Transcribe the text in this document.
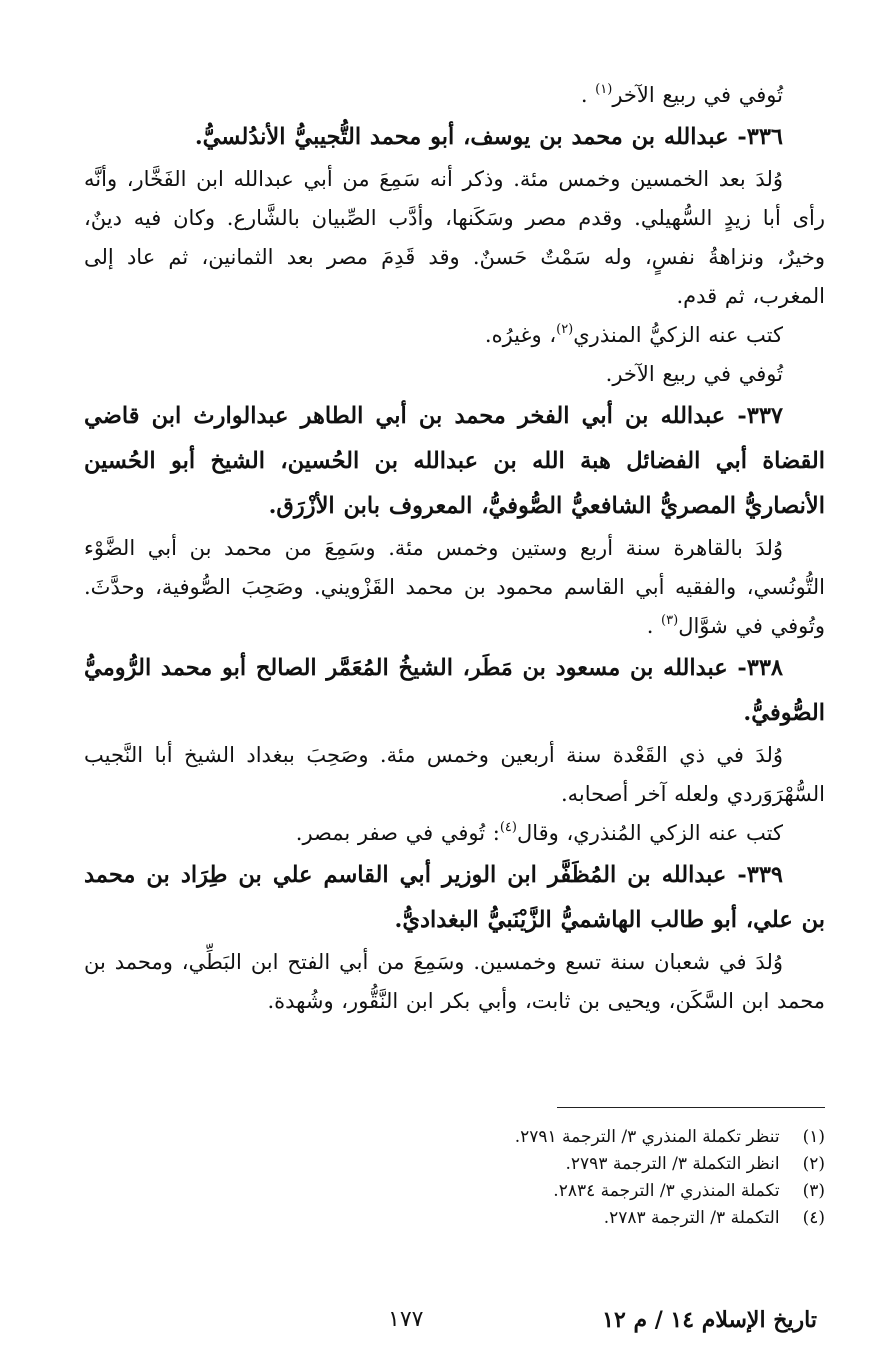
تُوفي في ربيع الآخر$^{(١)}$ .

٣٣٦- عبدالله بن محمد بن يوسف، أبو محمد التُّجيبيُّ الأندُلسيُّ.

وُلدَ بعد الخمسين وخمس مئة. وذكر أنه سَمِعَ من أبي عبدالله ابن الفَخَّار، وأنَّه رأى أبا زيدٍ السُّهيلي. وقدم مصر وسَكَنها، وأدَّب الصِّبيان بالشَّارع. وكان فيه دينٌ، وخيرٌ، ونزاهةُ نفسٍ، وله سَمْتٌ حَسنٌ. وقد قَدِمَ مصر بعد الثمانين، ثم عاد إلى المغرب، ثم قدم.

كتب عنه الزكيُّ المنذري$^{(٢)}$، وغيرُه.

تُوفي في ربيع الآخر.

٣٣٧- عبدالله بن أبي الفخر محمد بن أبي الطاهر عبدالوارث ابن قاضي القضاة أبي الفضائل هبة الله بن عبدالله بن الحُسين، الشيخ أبو الحُسين الأنصاريُّ المصريُّ الشافعيُّ الصُّوفيُّ، المعروف بابن الأزْرَق.

وُلدَ بالقاهرة سنة أربع وستين وخمس مئة. وسَمِعَ من محمد بن أبي الضَّوْء التُّونُسي، والفقيه أبي القاسم محمود بن محمد القَزْويني. وصَحِبَ الصُّوفية، وحدَّثَ. وتُوفي في شوَّال$^{(٣)}$ .

٣٣٨- عبدالله بن مسعود بن مَطَر، الشيخُ المُعَمَّر الصالح أبو محمد الرُّوميُّ الصُّوفيُّ.

وُلدَ في ذي القَعْدة سنة أربعين وخمس مئة. وصَحِبَ ببغداد الشيخ أبا النَّجيب السُّهْرَوَردي ولعله آخر أصحابه.

كتب عنه الزكي المُنذري، وقال$^{(٤)}$: تُوفي في صفر بمصر.

٣٣٩- عبدالله بن المُظَفَّر ابن الوزير أبي القاسم علي بن طِرَاد بن محمد بن علي، أبو طالب الهاشميُّ الزَّيْنَبيُّ البغداديُّ.

وُلدَ في شعبان سنة تسع وخمسين. وسَمِعَ من أبي الفتح ابن البَطِّي، ومحمد بن محمد ابن السَّكَن، ويحيى بن ثابت، وأبي بكر ابن النَّقُّور، وشُهدة.

(١) تنظر تكملة المنذري ٣/ الترجمة ٢٧٩١.
(٢) انظر التكملة ٣/ الترجمة ٢٧٩٣.
(٣) تكملة المنذري ٣/ الترجمة ٢٨٣٤.
(٤) التكملة ٣/ الترجمة ٢٧٨٣.
تاريخ الإسلام ١٤ / م ١٢
١٧٧
